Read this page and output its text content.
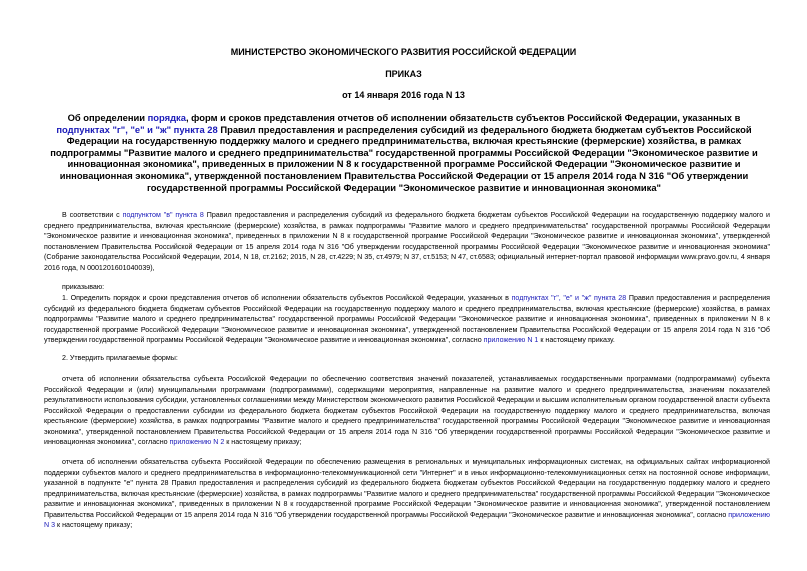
МИНИСТЕРСТВО ЭКОНОМИЧЕСКОГО РАЗВИТИЯ РОССИЙСКОЙ ФЕДЕРАЦИИ
ПРИКАЗ
от 14 января 2016 года N 13
Об определении порядка, форм и сроков представления отчетов об исполнении обязательств субъектов Российской Федерации, указанных в подпунктах "г", "е" и "ж" пункта 28 Правил предоставления и распределения субсидий из федерального бюджета бюджетам субъектов Российской Федерации на государственную поддержку малого и среднего предпринимательства, включая крестьянские (фермерские) хозяйства, в рамках подпрограммы "Развитие малого и среднего предпринимательства" государственной программы Российской Федерации "Экономическое развитие и инновационная экономика", приведенных в приложении N 8 к государственной программе Российской Федерации "Экономическое развитие и инновационная экономика", утвержденной постановлением Правительства Российской Федерации от 15 апреля 2014 года N 316 "Об утверждении государственной программы Российской Федерации "Экономическое развитие и инновационная экономика"
В соответствии с подпунктом "в" пункта 8 Правил предоставления и распределения субсидий из федерального бюджета бюджетам субъектов Российской Федерации на государственную поддержку малого и среднего предпринимательства, включая крестьянские (фермерские) хозяйства, в рамках подпрограммы "Развитие малого и среднего предпринимательства" государственной программы Российской Федерации "Экономическое развитие и инновационная экономика", приведенных в приложении N 8 к государственной программе Российской Федерации "Экономическое развитие и инновационная экономика", утвержденной постановлением Правительства Российской Федерации от 15 апреля 2014 года N 316 "Об утверждении государственной программы Российской Федерации "Экономическое развитие и инновационная экономика" (Собрание законодательства Российской Федерации, 2014, N 18, ст.2162; 2015, N 28, ст.4229; N 35, ст.4979; N 37, ст.5153; N 47, ст.6583; официальный интернет-портал правовой информации www.pravo.gov.ru, 4 января 2016 года, N 0001201601040039),
приказываю:
1. Определить порядок и сроки представления отчетов об исполнении обязательств субъектов Российской Федерации, указанных в подпунктах "г", "е" и "ж" пункта 28 Правил предоставления и распределения субсидий из федерального бюджета бюджетам субъектов Российской Федерации на государственную поддержку малого и среднего предпринимательства, включая крестьянские (фермерские) хозяйства, в рамках подпрограммы "Развитие малого и среднего предпринимательства" государственной программы Российской Федерации "Экономическое развитие и инновационная экономика", приведенных в приложении N 8 к государственной программе Российской Федерации "Экономическое развитие и инновационная экономика", утвержденной постановлением Правительства Российской Федерации от 15 апреля 2014 года N 316 "Об утверждении государственной программы Российской Федерации "Экономическое развитие и инновационная экономика", согласно приложению N 1 к настоящему приказу.
2. Утвердить прилагаемые формы:
отчета об исполнении обязательства субъекта Российской Федерации по обеспечению соответствия значений показателей, устанавливаемых государственными программами (подпрограммами) субъекта Российской Федерации и (или) муниципальными программами (подпрограммами), содержащими мероприятия, направленные на развитие малого и среднего предпринимательства, значениям показателей результативности использования субсидии, установленных соглашениями между Министерством экономического развития Российской Федерации и высшим исполнительным органом государственной власти субъекта Российской Федерации о предоставлении субсидии из федерального бюджета бюджетам субъектов Российской Федерации на государственную поддержку малого и среднего предпринимательства, включая крестьянские (фермерские) хозяйства, в рамках подпрограммы "Развитие малого и среднего предпринимательства" государственной программы Российской Федерации "Экономическое развитие и инновационная экономика", утвержденной постановлением Правительства Российской Федерации от 15 апреля 2014 года N 316 "Об утверждении государственной программы Российской Федерации "Экономическое развитие и инновационная экономика", согласно приложению N 2 к настоящему приказу;
отчета об исполнении обязательства субъекта Российской Федерации по обеспечению размещения в региональных и муниципальных информационных системах, на официальных сайтах информационной поддержки субъектов малого и среднего предпринимательства в информационно-телекоммуникационной сети "Интернет" и в иных информационно-телекоммуникационных сетях на постоянной основе информации, указанной в подпункте "е" пункта 28 Правил предоставления и распределения субсидий из федерального бюджета бюджетам субъектов Российской Федерации на государственную поддержку малого и среднего предпринимательства, включая крестьянские (фермерские) хозяйства, в рамках подпрограммы "Развитие малого и среднего предпринимательства" государственной программы Российской Федерации "Экономическое развитие и инновационная экономика", приведенных в приложении N 8 к государственной программе Российской Федерации "Экономическое развитие и инновационная экономика", утвержденной постановлением Правительства Российской Федерации от 15 апреля 2014 года N 316 "Об утверждении государственной программы Российской Федерации "Экономическое развитие и инновационная экономика", согласно приложению N 3 к настоящему приказу;
